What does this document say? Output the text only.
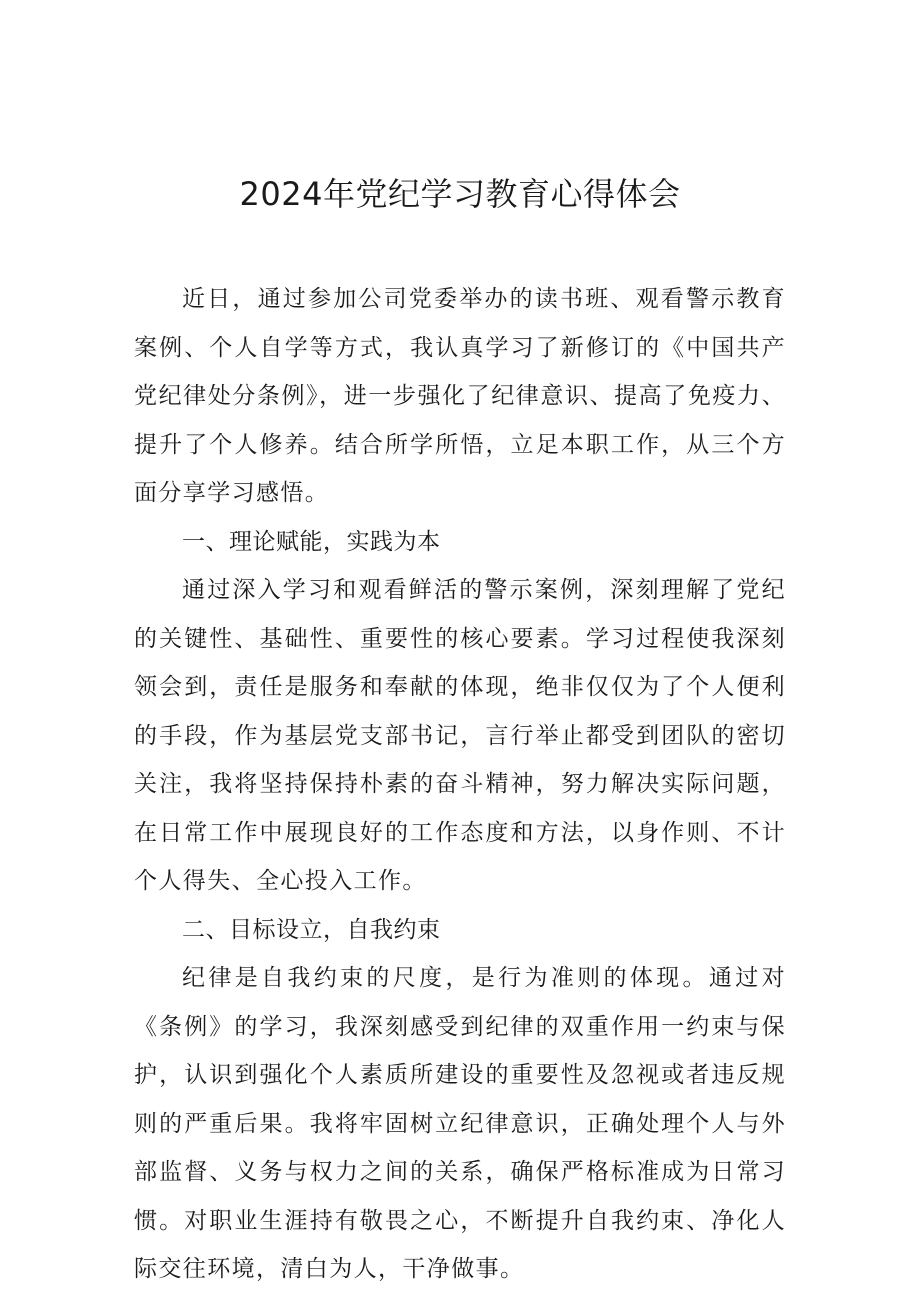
2024年党纪学习教育心得体会

近日，通过参加公司党委举办的读书班、观看警示教育案例、个人自学等方式，我认真学习了新修订的《中国共产党纪律处分条例》，进一步强化了纪律意识、提高了免疫力、提升了个人修养。结合所学所悟，立足本职工作，从三个方面分享学习感悟。

一、理论赋能，实践为本

通过深入学习和观看鲜活的警示案例，深刻理解了党纪的关键性、基础性、重要性的核心要素。学习过程使我深刻领会到，责任是服务和奉献的体现，绝非仅仅为了个人便利的手段，作为基层党支部书记，言行举止都受到团队的密切关注，我将坚持保持朴素的奋斗精神，努力解决实际问题，在日常工作中展现良好的工作态度和方法，以身作则、不计个人得失、全心投入工作。

二、目标设立，自我约束

纪律是自我约束的尺度，是行为准则的体现。通过对《条例》的学习，我深刻感受到纪律的双重作用一约束与保护，认识到强化个人素质所建设的重要性及忽视或者违反规则的严重后果。我将牢固树立纪律意识，正确处理个人与外部监督、义务与权力之间的关系，确保严格标准成为日常习惯。对职业生涯持有敬畏之心，不断提升自我约束、净化人际交往环境，清白为人，干净做事。
